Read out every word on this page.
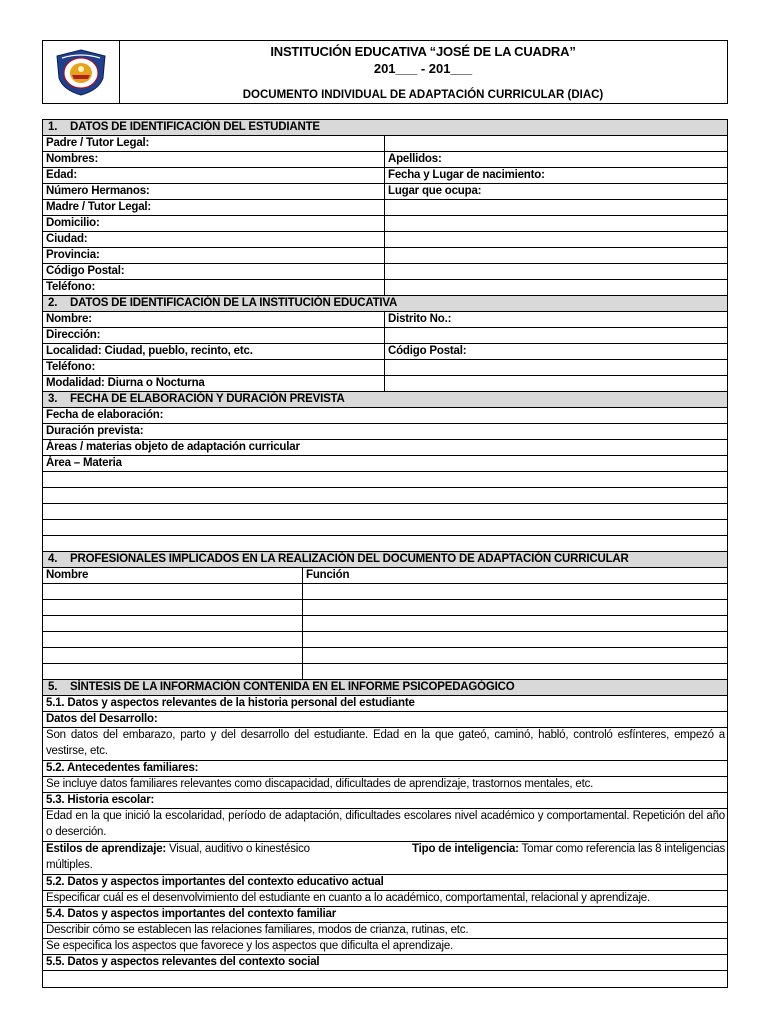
INSTITUCIÓN EDUCATIVA “JOSÉ DE LA CUADRA”
201___ - 201___
DOCUMENTO INDIVIDUAL DE ADAPTACIÓN CURRICULAR (DIAC)
1. DATOS DE IDENTIFICACIÓN DEL ESTUDIANTE
Padre / Tutor Legal:
Nombres:	Apellidos:
Edad:	Fecha y Lugar de nacimiento:
Número Hermanos:	Lugar que ocupa:
Madre / Tutor Legal:
Domicilio:
Ciudad:
Provincia:
Código Postal:
Teléfono:
2. DATOS DE IDENTIFICACIÓN DE LA INSTITUCIÓN EDUCATIVA
Nombre:	Distrito No.:
Dirección:
Localidad: Ciudad, pueblo, recinto, etc.	Código Postal:
Teléfono:
Modalidad: Diurna o Nocturna
3. FECHA DE ELABORACIÓN Y DURACIÓN PREVISTA
Fecha de elaboración:
Duración prevista:
Áreas / materias objeto de adaptación curricular
Área – Materia
4. PROFESIONALES IMPLICADOS EN LA REALIZACIÓN DEL DOCUMENTO DE ADAPTACIÓN CURRICULAR
Nombre	Función
5. SÍNTESIS DE LA INFORMACIÓN CONTENIDA EN EL INFORME PSICOPEDAGÓGICO
5.1. Datos y aspectos relevantes de la historia personal del estudiante
Datos del Desarrollo:
Son datos del embarazo, parto y del desarrollo del estudiante. Edad en la que gateó, caminó, habló, controló esfínteres, empezó a vestirse, etc.
5.2. Antecedentes familiares:
Se incluye datos familiares relevantes como discapacidad, dificultades de aprendizaje, trastornos mentales, etc.
5.3. Historia escolar:
Edad en la que inició la escolaridad, período de adaptación, dificultades escolares nivel académico y comportamental. Repetición del año o deserción.
Estilos de aprendizaje: Visual, auditivo o kinestésico	Tipo de inteligencia: Tomar como referencia las 8 inteligencias
múltiples.
5.2. Datos y aspectos importantes del contexto educativo actual
Especificar cuál es el desenvolvimiento del estudiante en cuanto a lo académico, comportamental, relacional y aprendizaje.
5.4. Datos y aspectos importantes del contexto familiar
Describir cómo se establecen las relaciones familiares, modos de crianza, rutinas, etc.
Se especifica los aspectos que favorece y los aspectos que dificulta el aprendizaje.
5.5. Datos y aspectos relevantes del contexto social
